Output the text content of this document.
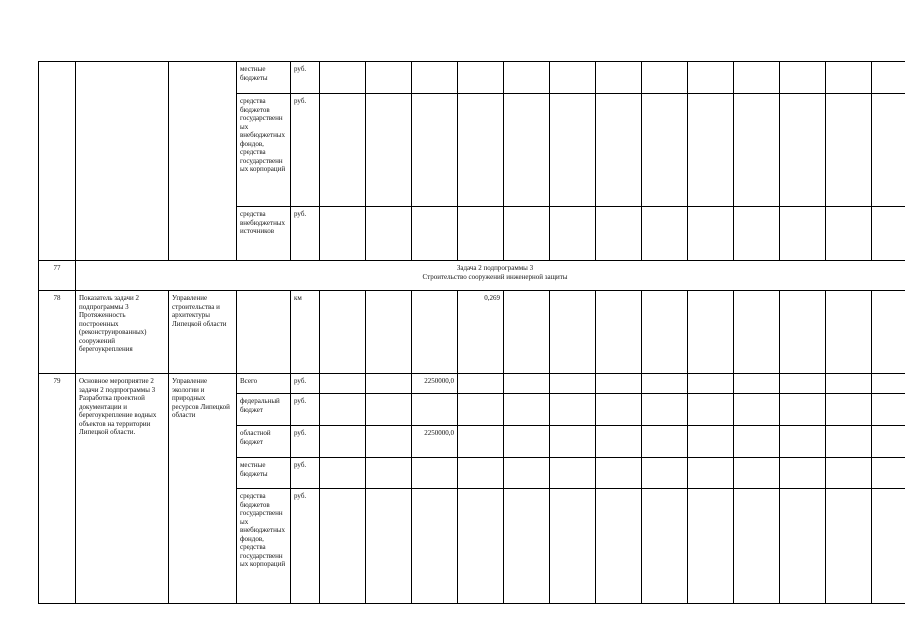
			местные бюджеты	руб.													
			средства бюджетов государственных внебюджетных фондов, средства государственных корпораций	руб.													
			средства внебюджетных источников	руб.													
77	Задача 2 подпрограммы 3
Строительство сооружений инженерной защиты																

78	Показатель задачи 2 подпрограммы 3 Протяженность построенных (реконструированных) сооружений берегоукрепления	Управление строительства и архитектуры Липецкой области		км				0,269									
79	Основное мероприятие 2 задачи 2 подпрограммы 3 Разработка проектной документации и берегоукрепление водных объектов на территории Липецкой области.	Управление экологии и природных ресурсов Липецкой области	Всего	руб.			2250000,0										
			федеральный бюджет	руб.													
			областной бюджет	руб.			2250000,0										
			местные бюджеты	руб.													
			средства бюджетов государственных внебюджетных фондов, средства государственных корпораций	руб.													
